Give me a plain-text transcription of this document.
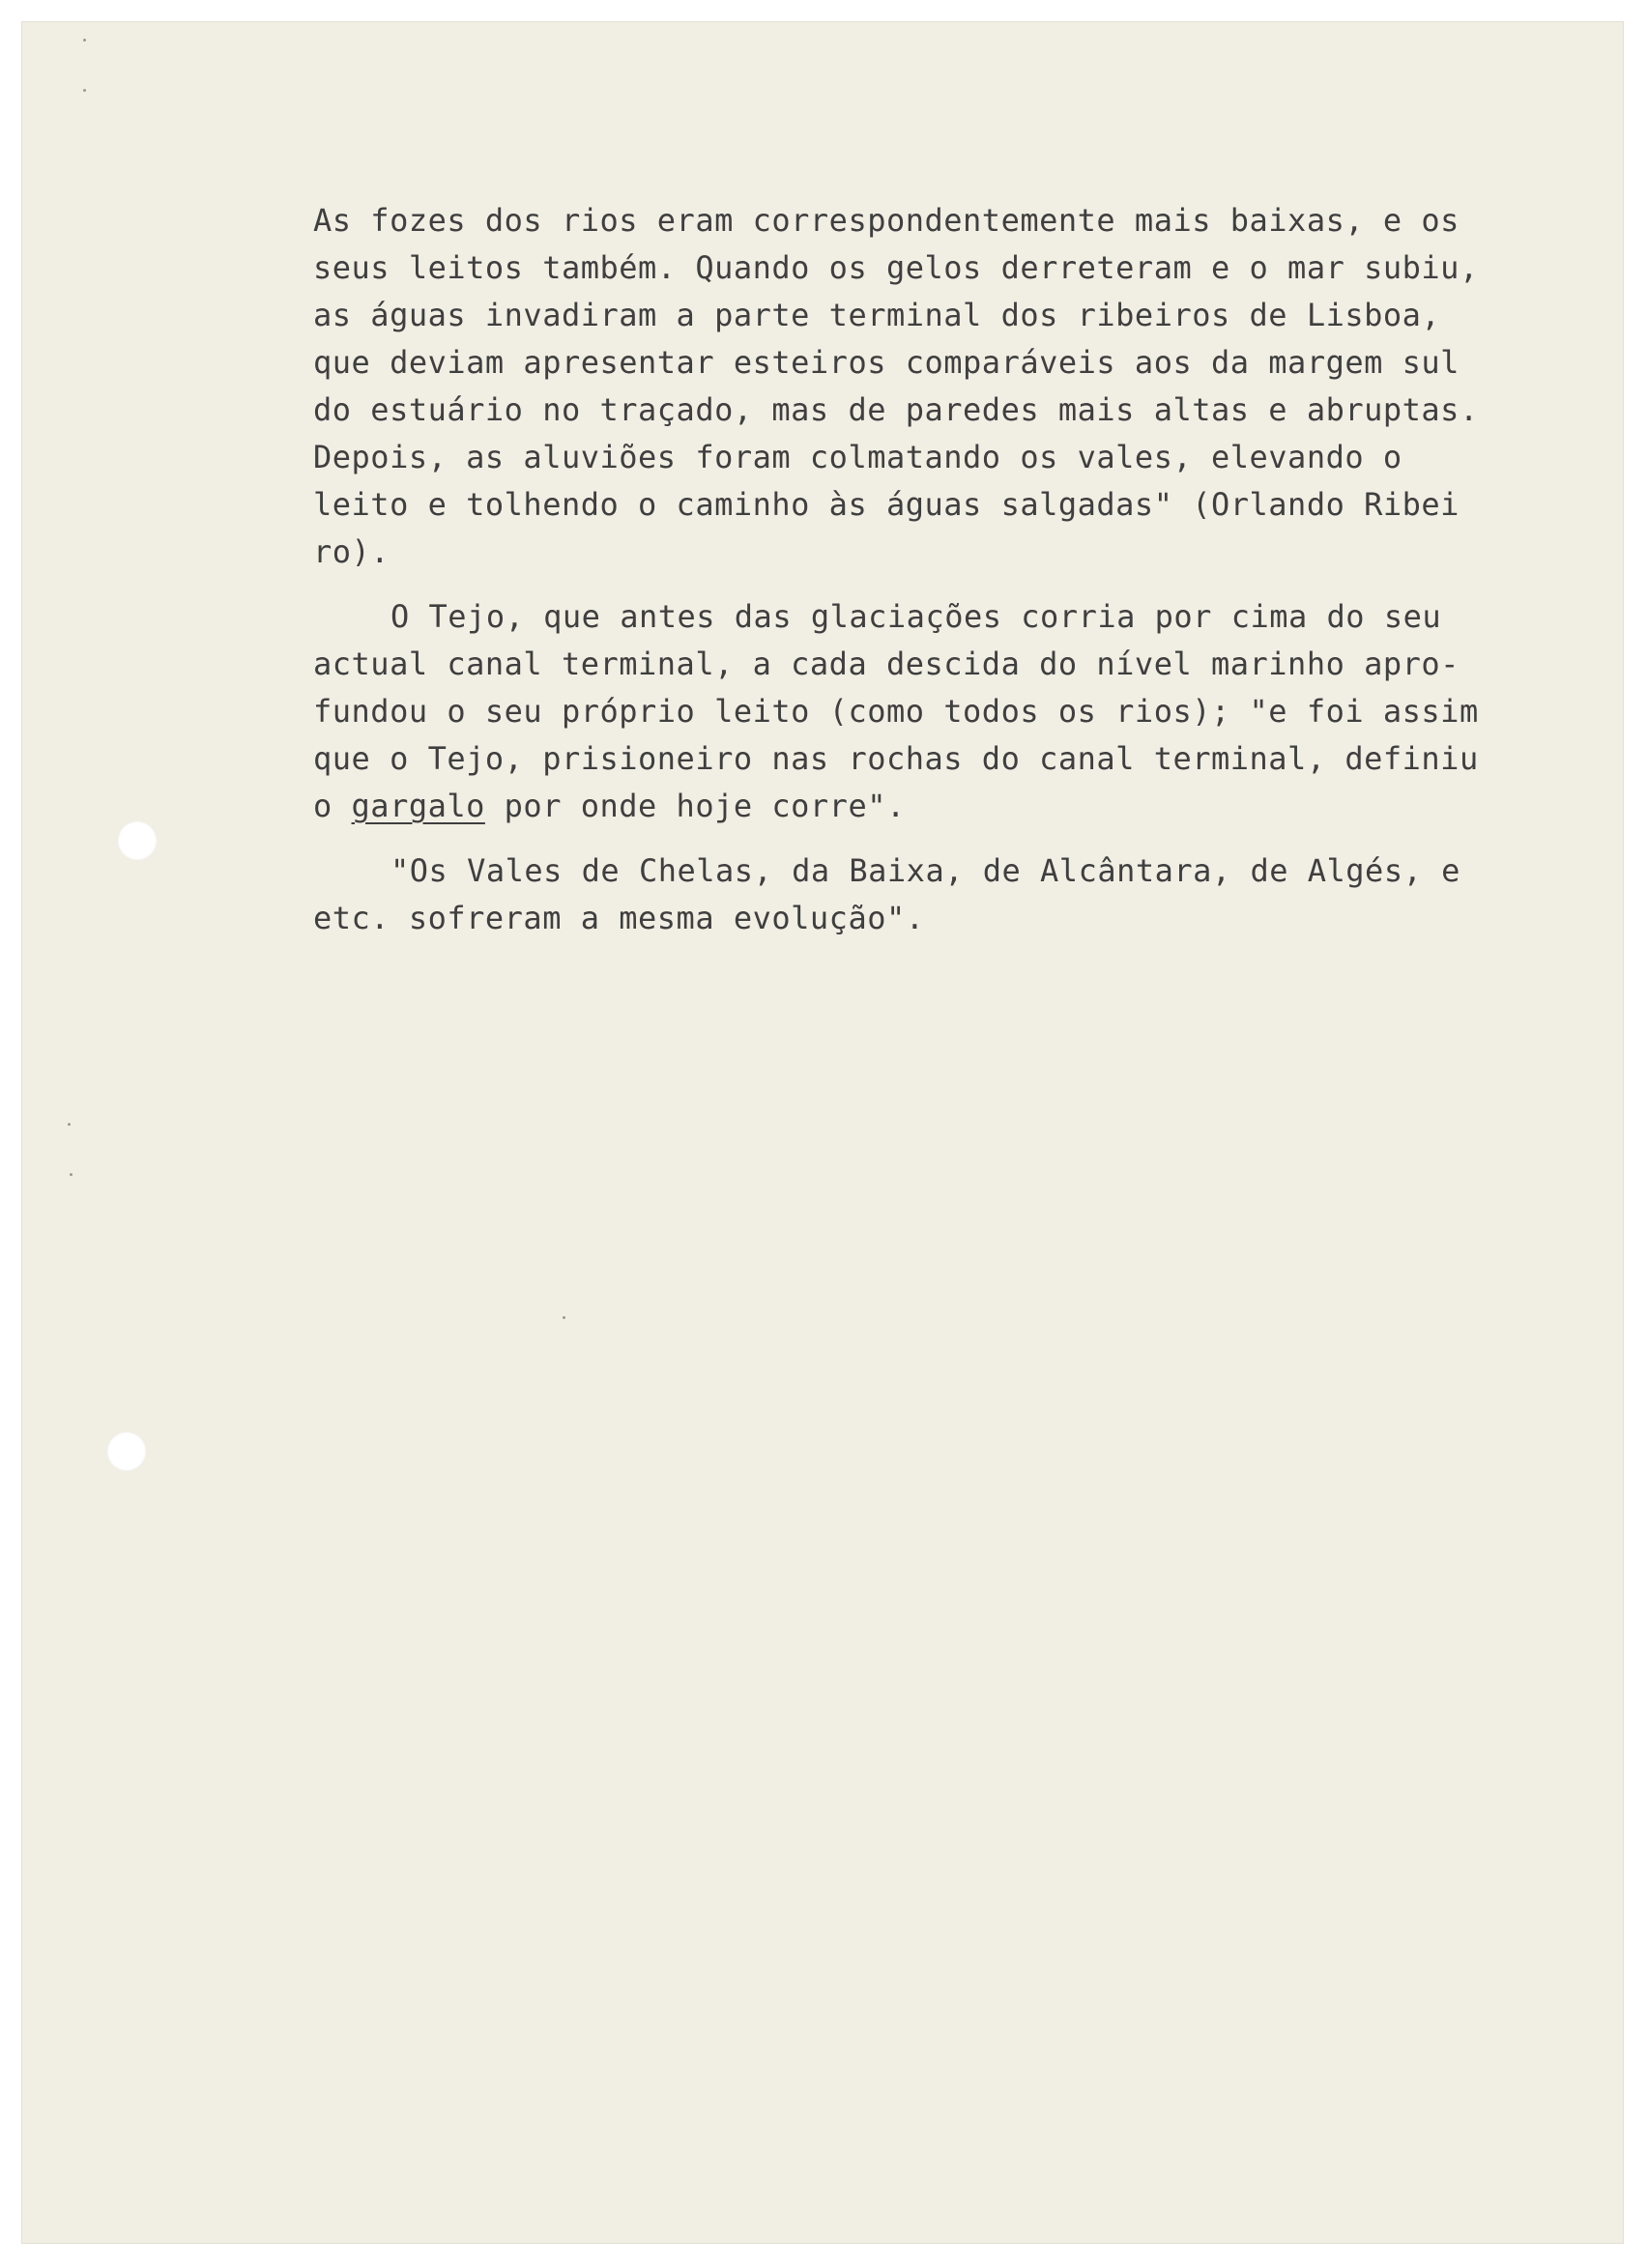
As fozes dos rios eram correspondentemente mais baixas, e os
seus leitos também. Quando os gelos derreteram e o mar subiu,
as águas invadiram a parte terminal dos ribeiros de Lisboa,
que deviam apresentar esteiros comparáveis aos da margem sul
do estuário no traçado, mas de paredes mais altas e abruptas.
Depois, as aluviões foram colmatando os vales, elevando o
leito e tolhendo o caminho às águas salgadas" (Orlando Ribei
ro).
O Tejo, que antes das glaciações corria por cima do seu
actual canal terminal, a cada descida do nível marinho apro-
fundou o seu próprio leito (como todos os rios); "e foi assim
que o Tejo, prisioneiro nas rochas do canal terminal, definiu
o gargalo por onde hoje corre".
"Os Vales de Chelas, da Baixa, de Alcântara, de Algés, e
etc. sofreram a mesma evolução".
